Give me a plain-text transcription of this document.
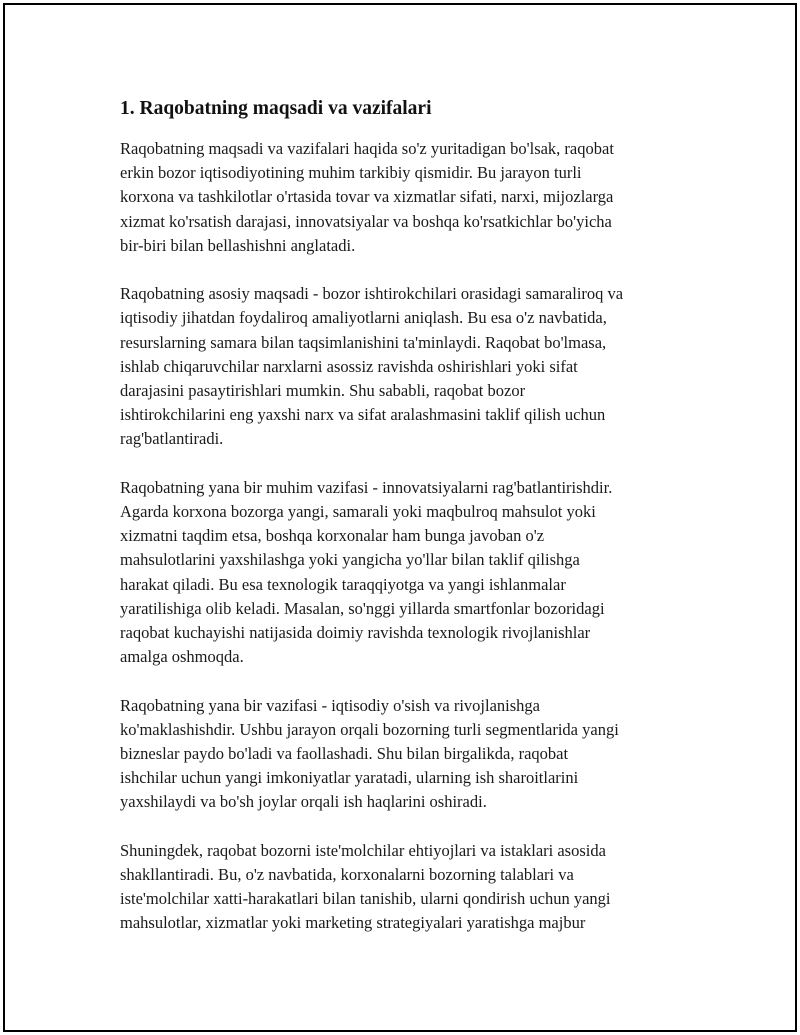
1. Raqobatning maqsadi va vazifalari

Raqobatning maqsadi va vazifalari haqida so'z yuritadigan bo'lsak, raqobat
erkin bozor iqtisodiyotining muhim tarkibiy qismidir. Bu jarayon turli
korxona va tashkilotlar o'rtasida tovar va xizmatlar sifati, narxi, mijozlarga
xizmat ko'rsatish darajasi, innovatsiyalar va boshqa ko'rsatkichlar bo'yicha
bir-biri bilan bellashishni anglatadi.

Raqobatning asosiy maqsadi - bozor ishtirokchilari orasidagi samaraliroq va
iqtisodiy jihatdan foydaliroq amaliyotlarni aniqlash. Bu esa o'z navbatida,
resurslarning samara bilan taqsimlanishini ta'minlaydi. Raqobat bo'lmasa,
ishlab chiqaruvchilar narxlarni asossiz ravishda oshirishlari yoki sifat
darajasini pasaytirishlari mumkin. Shu sababli, raqobat bozor
ishtirokchilarini eng yaxshi narx va sifat aralashmasini taklif qilish uchun
rag'batlantiradi.

Raqobatning yana bir muhim vazifasi - innovatsiyalarni rag'batlantirishdir.
Agarda korxona bozorga yangi, samarali yoki maqbulroq mahsulot yoki
xizmatni taqdim etsa, boshqa korxonalar ham bunga javoban o'z
mahsulotlarini yaxshilashga yoki yangicha yo'llar bilan taklif qilishga
harakat qiladi. Bu esa texnologik taraqqiyotga va yangi ishlanmalar
yaratilishiga olib keladi. Masalan, so'nggi yillarda smartfonlar bozoridagi
raqobat kuchayishi natijasida doimiy ravishda texnologik rivojlanishlar
amalga oshmoqda.

Raqobatning yana bir vazifasi - iqtisodiy o'sish va rivojlanishga
ko'maklashishdir. Ushbu jarayon orqali bozorning turli segmentlarida yangi
bizneslar paydo bo'ladi va faollashadi. Shu bilan birgalikda, raqobat
ishchilar uchun yangi imkoniyatlar yaratadi, ularning ish sharoitlarini
yaxshilaydi va bo'sh joylar orqali ish haqlarini oshiradi.

Shuningdek, raqobat bozorni iste'molchilar ehtiyojlari va istaklari asosida
shakllantiradi. Bu, o'z navbatida, korxonalarni bozorning talablari va
iste'molchilar xatti-harakatlari bilan tanishib, ularni qondirish uchun yangi
mahsulotlar, xizmatlar yoki marketing strategiyalari yaratishga majbur
